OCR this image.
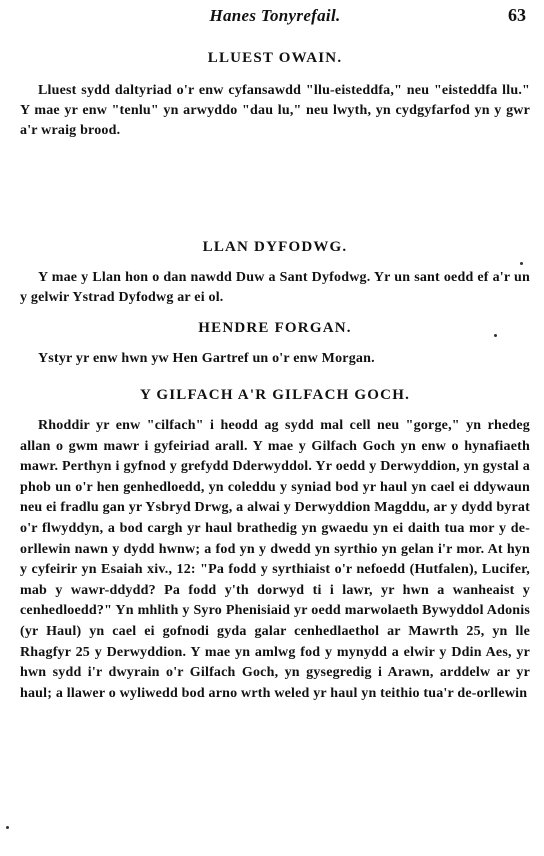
Hanes Tonyrefail.	63
LLUEST OWAIN.

Lluest sydd daltyriad o'r enw cyfansawdd "llu-eisteddfa," neu "eisteddfa llu." Y mae yr enw "tenlu" yn arwyddo "dau lu," neu lwyth, yn cydgyfarfod yn y gwr a'r wraig brood.

LLAN DYFODWG.

Y mae y Llan hon o dan nawdd Duw a Sant Dyfodwg. Yr un sant oedd ef a'r un y gelwir Ystrad Dyfodwg ar ei ol.

HENDRE FORGAN.

Ystyr yr enw hwn yw Hen Gartref un o'r enw Morgan.

Y GILFACH A'R GILFACH GOCH.

Rhoddir yr enw "cilfach" i heodd ag sydd mal cell neu "gorge," yn rhedeg allan o gwm mawr i gyfeiriad arall. Y mae y Gilfach Goch yn enw o hynafiaeth mawr. Perthyn i gyfnod y grefydd Dderwyddol. Yr oedd y Derwyddion, yn gystal a phob un o'r hen genhedloedd, yn coleddu y syniad bod yr haul yn cael ei ddywaun neu ei fradlu gan yr Ysbryd Drwg, a alwai y Derwyddion Magddu, ar y dydd byrat o'r flwyddyn, a bod cargh yr haul brathedig yn gwaedu yn ei daith tua mor y de-orllewin nawn y dydd hwnw; a fod yn y dwedd yn syrthio yn gelan i'r mor. At hyn y cyfeirir yn Esaiah xiv., 12: "Pa fodd y syrthiaist o'r nefoedd (Hutfalen), Lucifer, mab y wawr-ddydd? Pa fodd y'th dorwyd ti i lawr, yr hwn a wanheaist y cenhedloedd?" Yn mhlith y Syro Phenisiaid yr oedd marwolaeth Bywyddol Adonis (yr Haul) yn cael ei gofnodi gyda galar cenhedlaethol ar Mawrth 25, yn lle Rhagfyr 25 y Derwyddion. Y mae yn amlwg fod y mynydd a elwir y Ddin Aes, yr hwn sydd i'r dwyrain o'r Gilfach Goch, yn gysegredig i Arawn, arddelw ar yr haul; a llawer o wyliwedd bod arno wrth weled yr haul yn teithio tua'r de-orllewin
